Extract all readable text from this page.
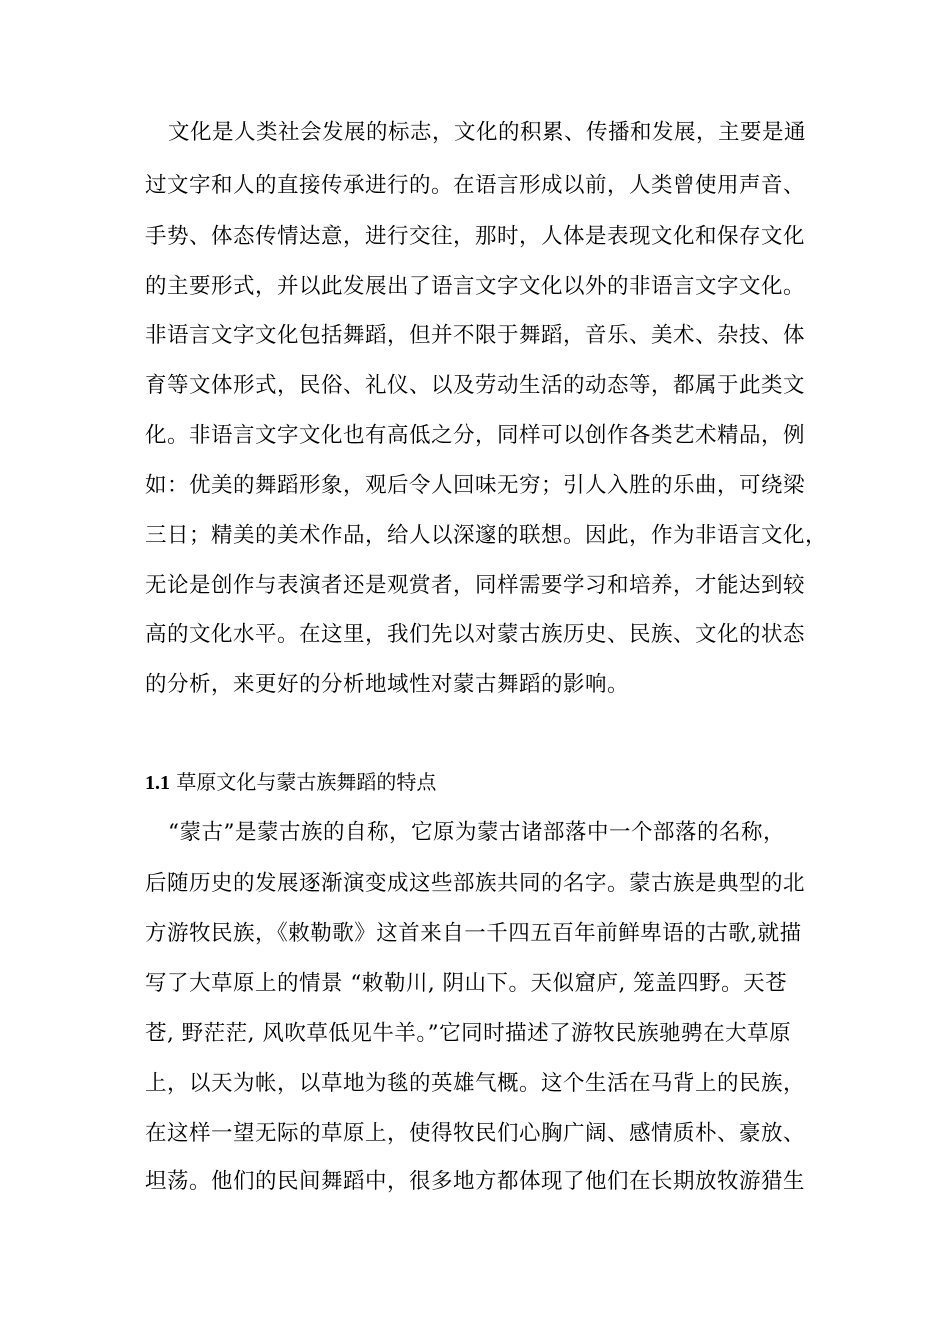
文化是人类社会发展的标志，文化的积累、传播和发展，主要是通
过文字和人的直接传承进行的。在语言形成以前，人类曾使用声音、
手势、体态传情达意，进行交往，那时，人体是表现文化和保存文化
的主要形式，并以此发展出了语言文字文化以外的非语言文字文化。
非语言文字文化包括舞蹈，但并不限于舞蹈，音乐、美术、杂技、体
育等文体形式，民俗、礼仪、以及劳动生活的动态等，都属于此类文
化。非语言文字文化也有高低之分，同样可以创作各类艺术精品，例
如：优美的舞蹈形象，观后令人回味无穷；引人入胜的乐曲，可绕梁
三日；精美的美术作品，给人以深邃的联想。因此，作为非语言文化，
无论是创作与表演者还是观赏者，同样需要学习和培养，才能达到较
高的文化水平。在这里，我们先以对蒙古族历史、民族、文化的状态
的分析，来更好的分析地域性对蒙古舞蹈的影响。
1.1 草原文化与蒙古族舞蹈的特点
“蒙古”是蒙古族的自称，它原为蒙古诸部落中一个部落的名称，
后随历史的发展逐渐演变成这些部族共同的名字。蒙古族是典型的北
方游牧民族，《敕勒歌》这首来自一千四五百年前鲜卑语的古歌,就描
写了大草原上的情景 “敕勒川, 阴山下。天似窟庐, 笼盖四野。天苍
苍, 野茫茫, 风吹草低见牛羊。”它同时描述了游牧民族驰骋在大草原
上，以天为帐，以草地为毯的英雄气概。这个生活在马背上的民族，
在这样一望无际的草原上，使得牧民们心胸广阔、感情质朴、豪放、
坦荡。他们的民间舞蹈中，很多地方都体现了他们在长期放牧游猎生
